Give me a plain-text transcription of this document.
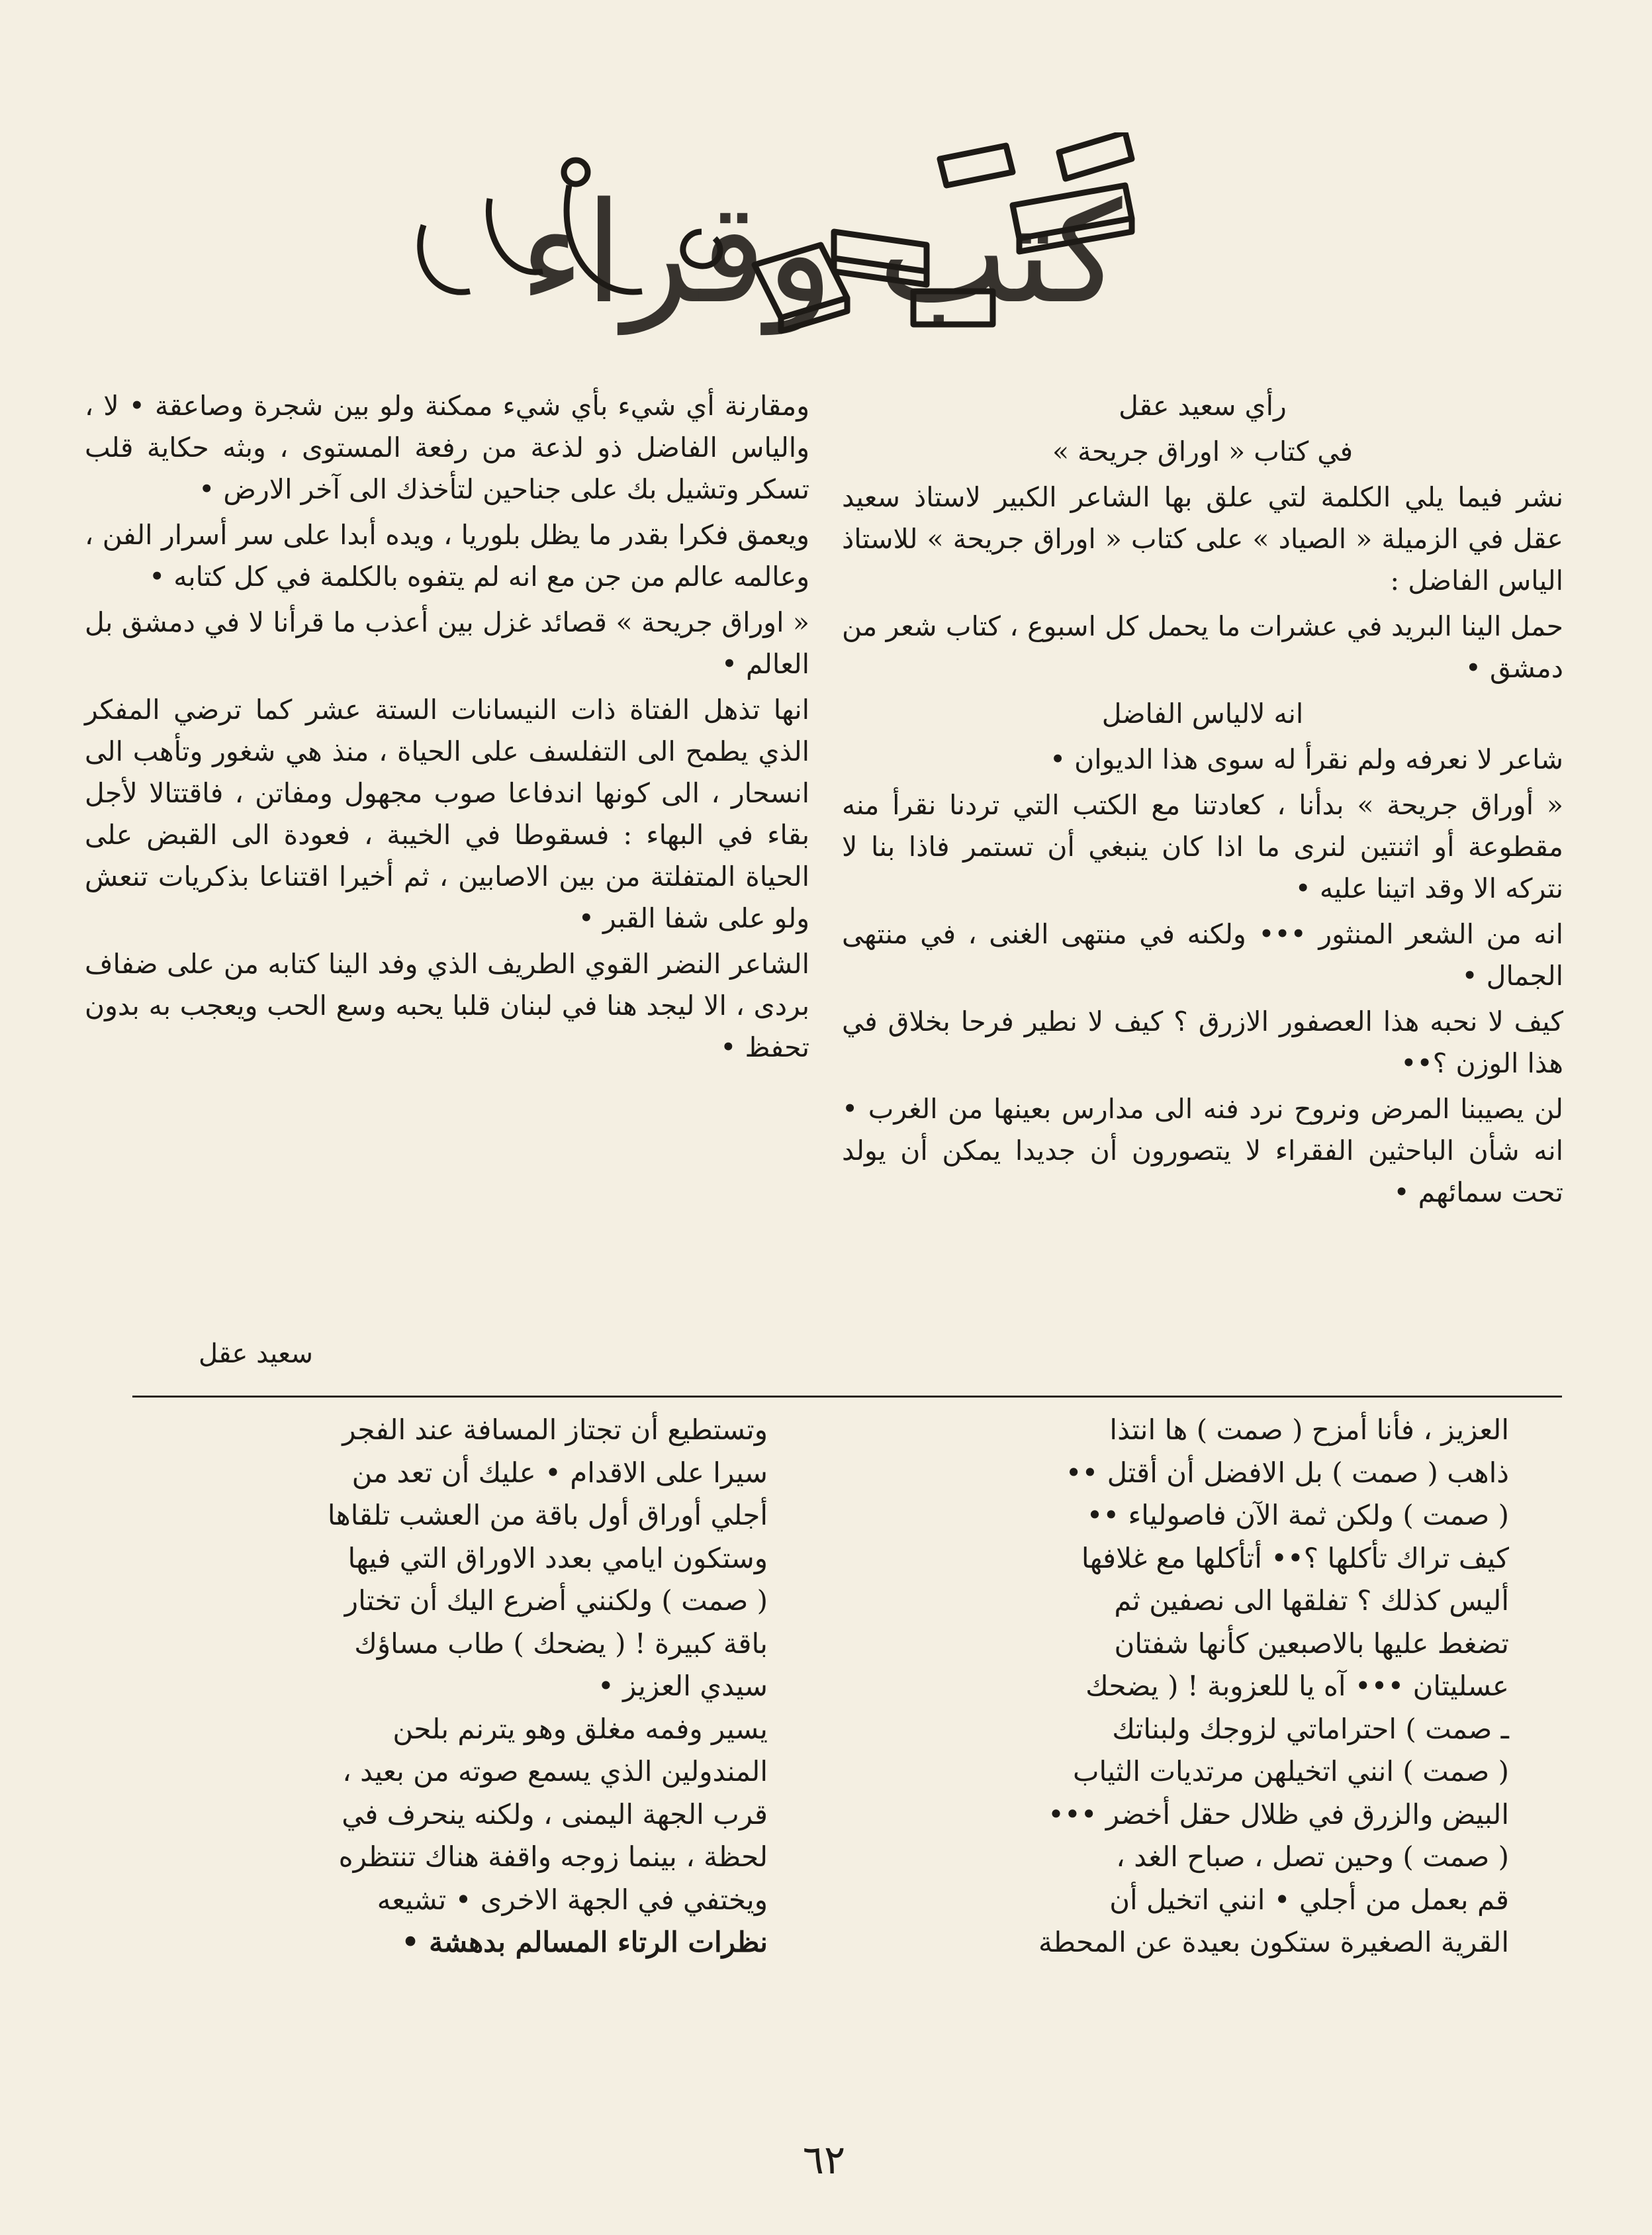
كتب وقراء

رأي سعيد عقل

في كتاب « اوراق جريحة »

نشر فيما يلي الكلمة لتي علق بها الشاعر الكبير لاستاذ سعيد عقل في الزميلة « الصياد » على كتاب « اوراق جريحة » للاستاذ الياس الفاضل :

حمل الينا البريد في عشرات ما يحمل كل اسبوع ، كتاب شعر من دمشق •

انه لالياس الفاضل

شاعر لا نعرفه ولم نقرأ له سوى هذا الديوان •

« أوراق جريحة » بدأنا ، كعادتنا مع الكتب التي تردنا نقرأ منه مقطوعة أو اثنتين لنرى ما اذا كان ينبغي أن تستمر فاذا بنا لا نتركه الا وقد اتينا عليه •

انه من الشعر المنثور ••• ولكنه في منتهى الغنى ، في منتهى الجمال •

كيف لا نحبه هذا العصفور الازرق ؟ كيف لا نطير فرحا بخلاق في هذا الوزن ؟••

لن يصيبنا المرض ونروح نرد فنه الى مدارس بعينها من الغرب • انه شأن الباحثين الفقراء لا يتصورون أن جديدا يمكن أن يولد تحت سمائهم •

ومقارنة أي شيء بأي شيء ممكنة ولو بين شجرة وصاعقة • لا ، والياس الفاضل ذو لذعة من رفعة المستوى ، وبثه حكاية قلب تسكر وتشيل بك على جناحين لتأخذك الى آخر الارض •

ويعمق فكرا بقدر ما يظل بلوريا ، ويده أبدا على سر أسرار الفن ، وعالمه عالم من جن مع انه لم يتفوه بالكلمة في كل كتابه •

« اوراق جريحة » قصائد غزل بين أعذب ما قرأنا لا في دمشق بل العالم •

انها تذهل الفتاة ذات النيسانات الستة عشر كما ترضي المفكر الذي يطمح الى التفلسف على الحياة ، منذ هي شغور وتأهب الى انسحار ، الى كونها اندفاعا صوب مجهول ومفاتن ، فاقتتالا لأجل بقاء في البهاء : فسقوطا في الخيبة ، فعودة الى القبض على الحياة المتفلتة من بين الاصابين ، ثم أخيرا اقتناعا بذكريات تنعش ولو على شفا القبر •

الشاعر النضر القوي الطريف الذي وفد الينا كتابه من على ضفاف بردى ، الا ليجد هنا في لبنان قلبا يحبه وسع الحب ويعجب به بدون تحفظ •

سعيد عقل
العزيز ، فأنا أمزح ( صمت ) ها انتذا
ذاهب ( صمت ) بل الافضل أن أقتل ••
( صمت ) ولكن ثمة الآن فاصولياء ••
كيف تراك تأكلها ؟•• أتأكلها مع غلافها
أليس كذلك ؟ تفلقها الى نصفين ثم
تضغط عليها بالاصبعين كأنها شفتان
عسليتان ••• آه يا للعزوبة ! ( يضحك
ـ صمت ) احتراماتي لزوجك ولبناتك
( صمت ) انني اتخيلهن مرتديات الثياب
البيض والزرق في ظلال حقل أخضر •••
( صمت ) وحين تصل ، صباح الغد ،
قم بعمل من أجلي • انني اتخيل أن
القرية الصغيرة ستكون بعيدة عن المحطة
وتستطيع أن تجتاز المسافة عند الفجر
سيرا على الاقدام • عليك أن تعد من
أجلي أوراق أول باقة من العشب تلقاها
وستكون ايامي بعدد الاوراق التي فيها
( صمت ) ولكنني أضرع اليك أن تختار
باقة كبيرة ! ( يضحك ) طاب مساؤك
سيدي العزيز •
يسير وفمه مغلق وهو يترنم بلحن
المندولين الذي يسمع صوته من بعيد ،
قرب الجهة اليمنى ، ولكنه ينحرف في
لحظة ، بينما زوجه واقفة هناك تنتظره
ويختفي في الجهة الاخرى • تشيعه
نظرات الرتاء المسالم بدهشة •
٦٢
